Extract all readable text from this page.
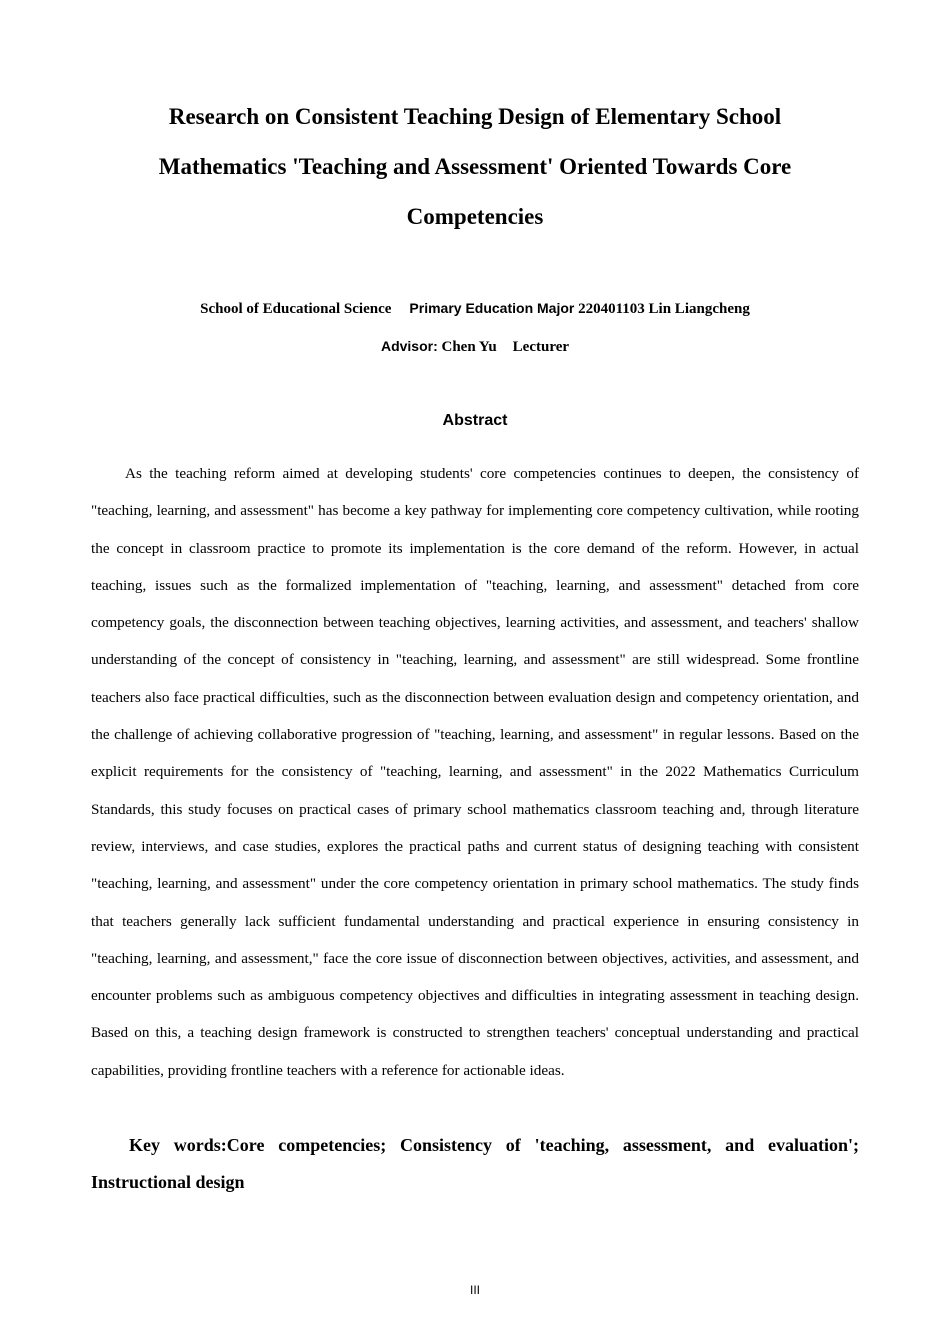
Research on Consistent Teaching Design of Elementary School
Mathematics 'Teaching and Assessment' Oriented Towards Core
Competencies
School of Educational Science Primary Education Major 220401103 Lin Liangcheng
Advisor: Chen Yu Lecturer
Abstract

As the teaching reform aimed at developing students' core competencies continues to deepen, the consistency of "teaching, learning, and assessment" has become a key pathway for implementing core competency cultivation, while rooting the concept in classroom practice to promote its implementation is the core demand of the reform. However, in actual teaching, issues such as the formalized implementation of "teaching, learning, and assessment" detached from core competency goals, the disconnection between teaching objectives, learning activities, and assessment, and teachers' shallow understanding of the concept of consistency in "teaching, learning, and assessment" are still widespread. Some frontline teachers also face practical difficulties, such as the disconnection between evaluation design and competency orientation, and the challenge of achieving collaborative progression of "teaching, learning, and assessment" in regular lessons. Based on the explicit requirements for the consistency of "teaching, learning, and assessment" in the 2022 Mathematics Curriculum Standards, this study focuses on practical cases of primary school mathematics classroom teaching and, through literature review, interviews, and case studies, explores the practical paths and current status of designing teaching with consistent "teaching, learning, and assessment" under the core competency orientation in primary school mathematics. The study finds that teachers generally lack sufficient fundamental understanding and practical experience in ensuring consistency in "teaching, learning, and assessment," face the core issue of disconnection between objectives, activities, and assessment, and encounter problems such as ambiguous competency objectives and difficulties in integrating assessment in teaching design. Based on this, a teaching design framework is constructed to strengthen teachers' conceptual understanding and practical capabilities, providing frontline teachers with a reference for actionable ideas.

Key words:Core competencies; Consistency of 'teaching, assessment, and evaluation'; Instructional design

III
